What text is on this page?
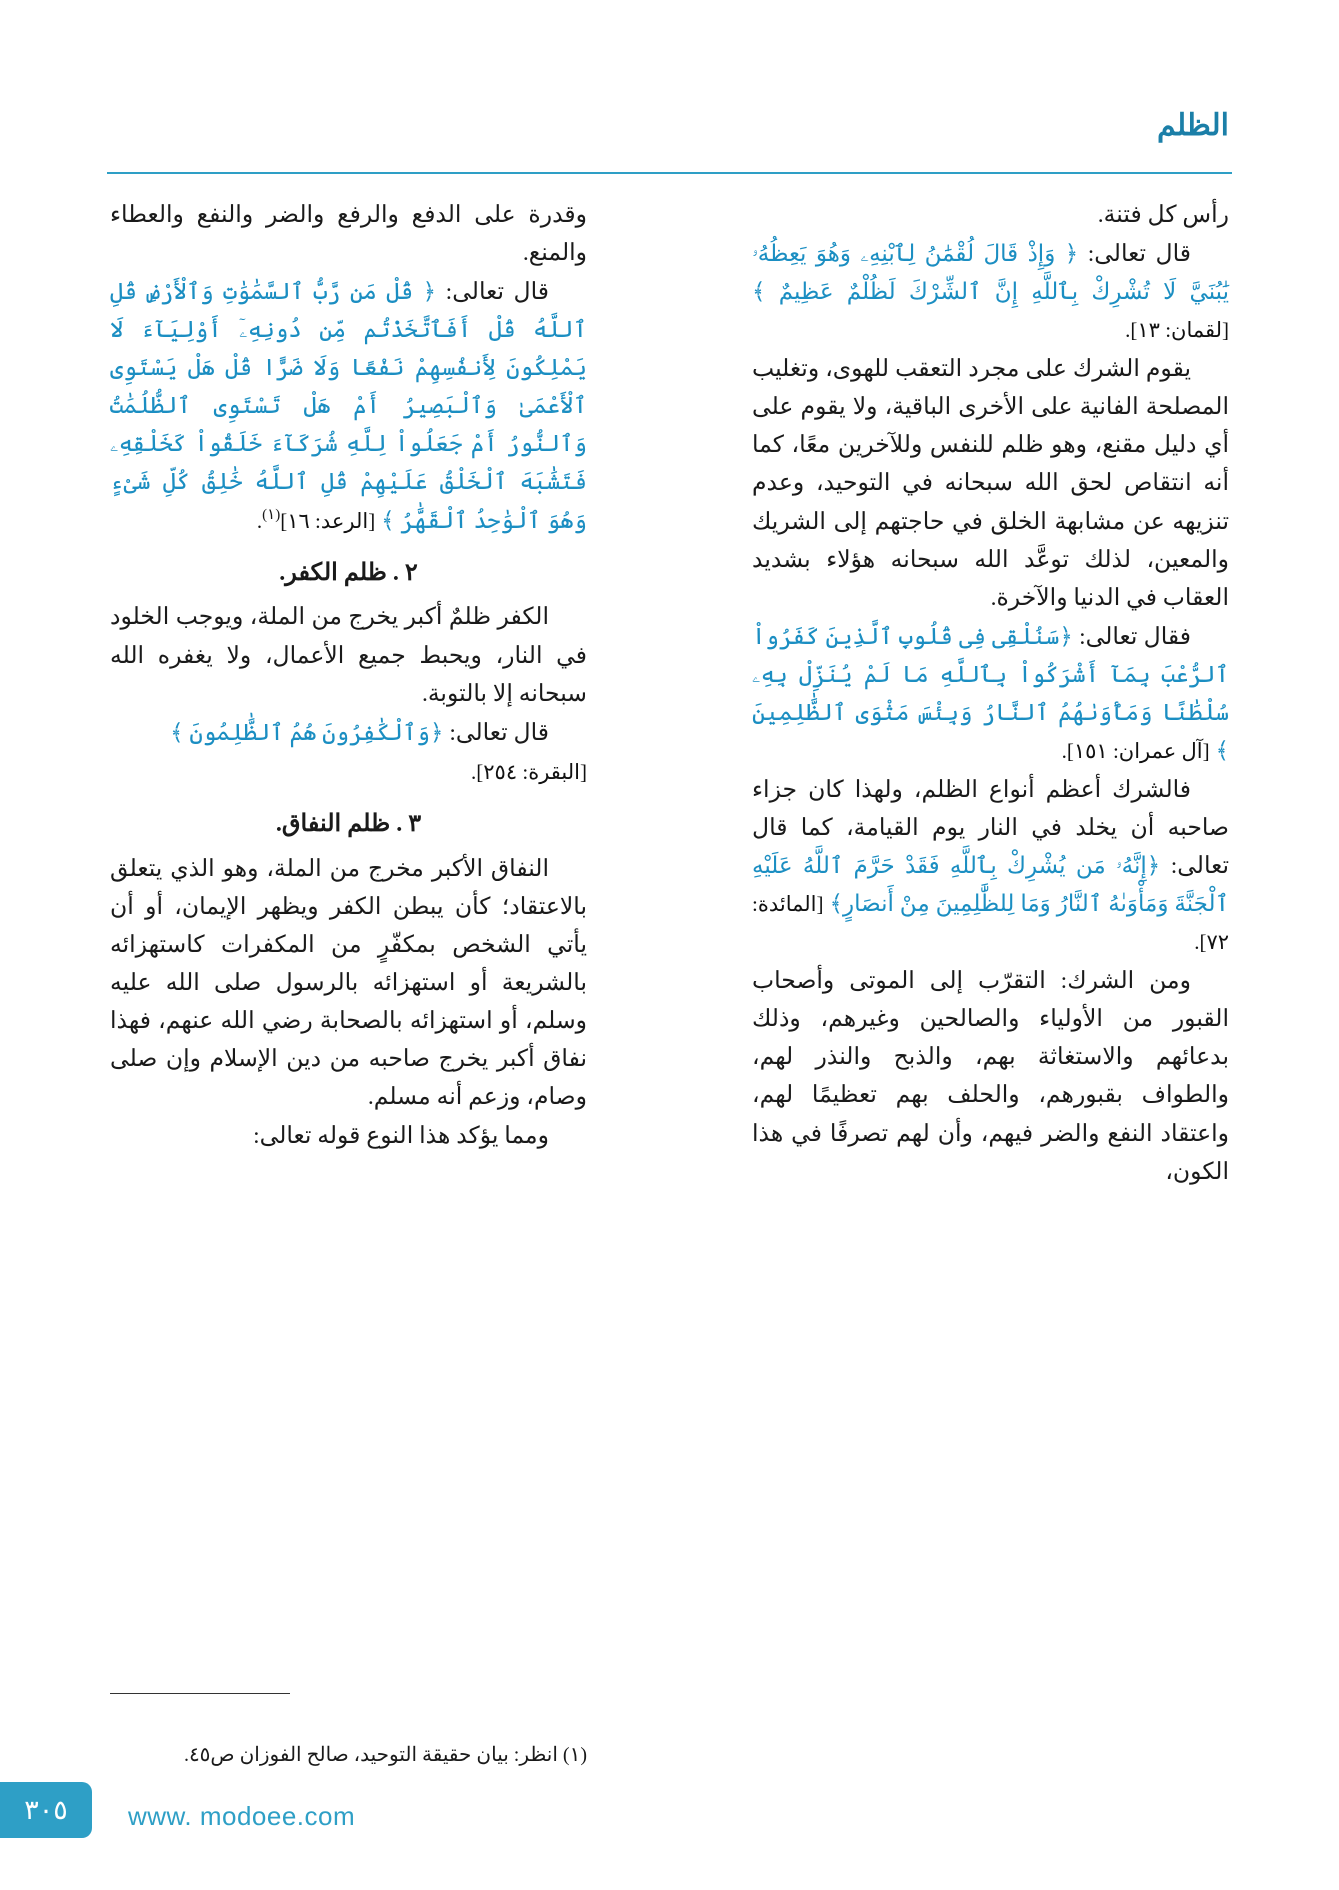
الظلم

رأس كل فتنة.

قال تعالى: ﴿ وَإِذْ قَالَ لُقْمَٰنُ لِٱبْنِهِۦ وَهُوَ يَعِظُهُۥ يَٰبُنَيَّ لَا تُشْرِكْ بِٱللَّهِ إِنَّ ٱلشِّرْكَ لَظُلْمٌ عَظِيمٌ ﴾ [لقمان: ١٣].

يقوم الشرك على مجرد التعقب للهوى، وتغليب المصلحة الفانية على الأخرى الباقية، ولا يقوم على أي دليل مقنع، وهو ظلم للنفس وللآخرين معًا، كما أنه انتقاص لحق الله سبحانه في التوحيد، وعدم تنزيهه عن مشابهة الخلق في حاجتهم إلى الشريك والمعين، لذلك توعَّد الله سبحانه هؤلاء بشديد العقاب في الدنيا والآخرة.

فقال تعالى: ﴿سَنُلْقِى فِى قُلُوبِ ٱلَّذِينَ كَفَرُواْ ٱلرُّعْبَ بِمَآ أَشْرَكُواْ بِٱللَّهِ مَا لَمْ يُنَزِّلْ بِهِۦ سُلْطَٰنًا وَمَأْوَىٰهُمُ ٱلنَّارُ وَبِئْسَ مَثْوَى ٱلظَّٰلِمِينَ ﴾ [آل عمران: ١٥١].

فالشرك أعظم أنواع الظلم، ولهذا كان جزاء صاحبه أن يخلد في النار يوم القيامة، كما قال تعالى: ﴿إِنَّهُۥ مَن يُشْرِكْ بِٱللَّهِ فَقَدْ حَرَّمَ ٱللَّهُ عَلَيْهِ ٱلْجَنَّةَ وَمَأْوَىٰهُ ٱلنَّارُ وَمَا لِلظَّٰلِمِينَ مِنْ أَنصَارٍ﴾ [المائدة: ٧٢].

ومن الشرك: التقرّب إلى الموتى وأصحاب القبور من الأولياء والصالحين وغيرهم، وذلك بدعائهم والاستغاثة بهم، والذبح والنذر لهم، والطواف بقبورهم، والحلف بهم تعظيمًا لهم، واعتقاد النفع والضر فيهم، وأن لهم تصرفًا في هذا الكون،

وقدرة على الدفع والرفع والضر والنفع والعطاء والمنع.

قال تعالى: ﴿ قُلْ مَن رَّبُّ ٱلسَّمَٰوَٰتِ وَٱلْأَرْضِ قُلِ ٱللَّهُ قُلْ أَفَٱتَّخَذْتُم مِّن دُونِهِۦٓ أَوْلِيَآءَ لَا يَمْلِكُونَ لِأَنفُسِهِمْ نَفْعًا وَلَا ضَرًّا قُلْ هَلْ يَسْتَوِى ٱلْأَعْمَىٰ وَٱلْبَصِيرُ أَمْ هَلْ تَسْتَوِى ٱلظُّلُمَٰتُ وَٱلنُّورُ أَمْ جَعَلُواْ لِلَّهِ شُرَكَآءَ خَلَقُواْ كَخَلْقِهِۦ فَتَشَٰبَهَ ٱلْخَلْقُ عَلَيْهِمْ قُلِ ٱللَّهُ خَٰلِقُ كُلِّ شَىْءٍ وَهُوَ ٱلْوَٰحِدُ ٱلْقَهَّٰرُ ﴾ [الرعد: ١٦]$^{(١)}$.

٢ . ظلم الكفر.

الكفر ظلمٌ أكبر يخرج من الملة، ويوجب الخلود في النار، ويحبط جميع الأعمال، ولا يغفره الله سبحانه إلا بالتوبة.

قال تعالى: ﴿وَٱلْكَٰفِرُونَ هُمُ ٱلظَّٰلِمُونَ ﴾

[البقرة: ٢٥٤].

٣ . ظلم النفاق.

النفاق الأكبر مخرج من الملة، وهو الذي يتعلق بالاعتقاد؛ كأن يبطن الكفر ويظهر الإيمان، أو أن يأتي الشخص بمكفّرٍ من المكفرات كاستهزائه بالشريعة أو استهزائه بالرسول صلى الله عليه وسلم، أو استهزائه بالصحابة رضي الله عنهم، فهذا نفاق أكبر يخرج صاحبه من دين الإسلام وإن صلى وصام، وزعم أنه مسلم.

ومما يؤكد هذا النوع قوله تعالى:

(١) انظر: بيان حقيقة التوحيد، صالح الفوزان ص٤٥.
٣٠٥	www. modoee.com
